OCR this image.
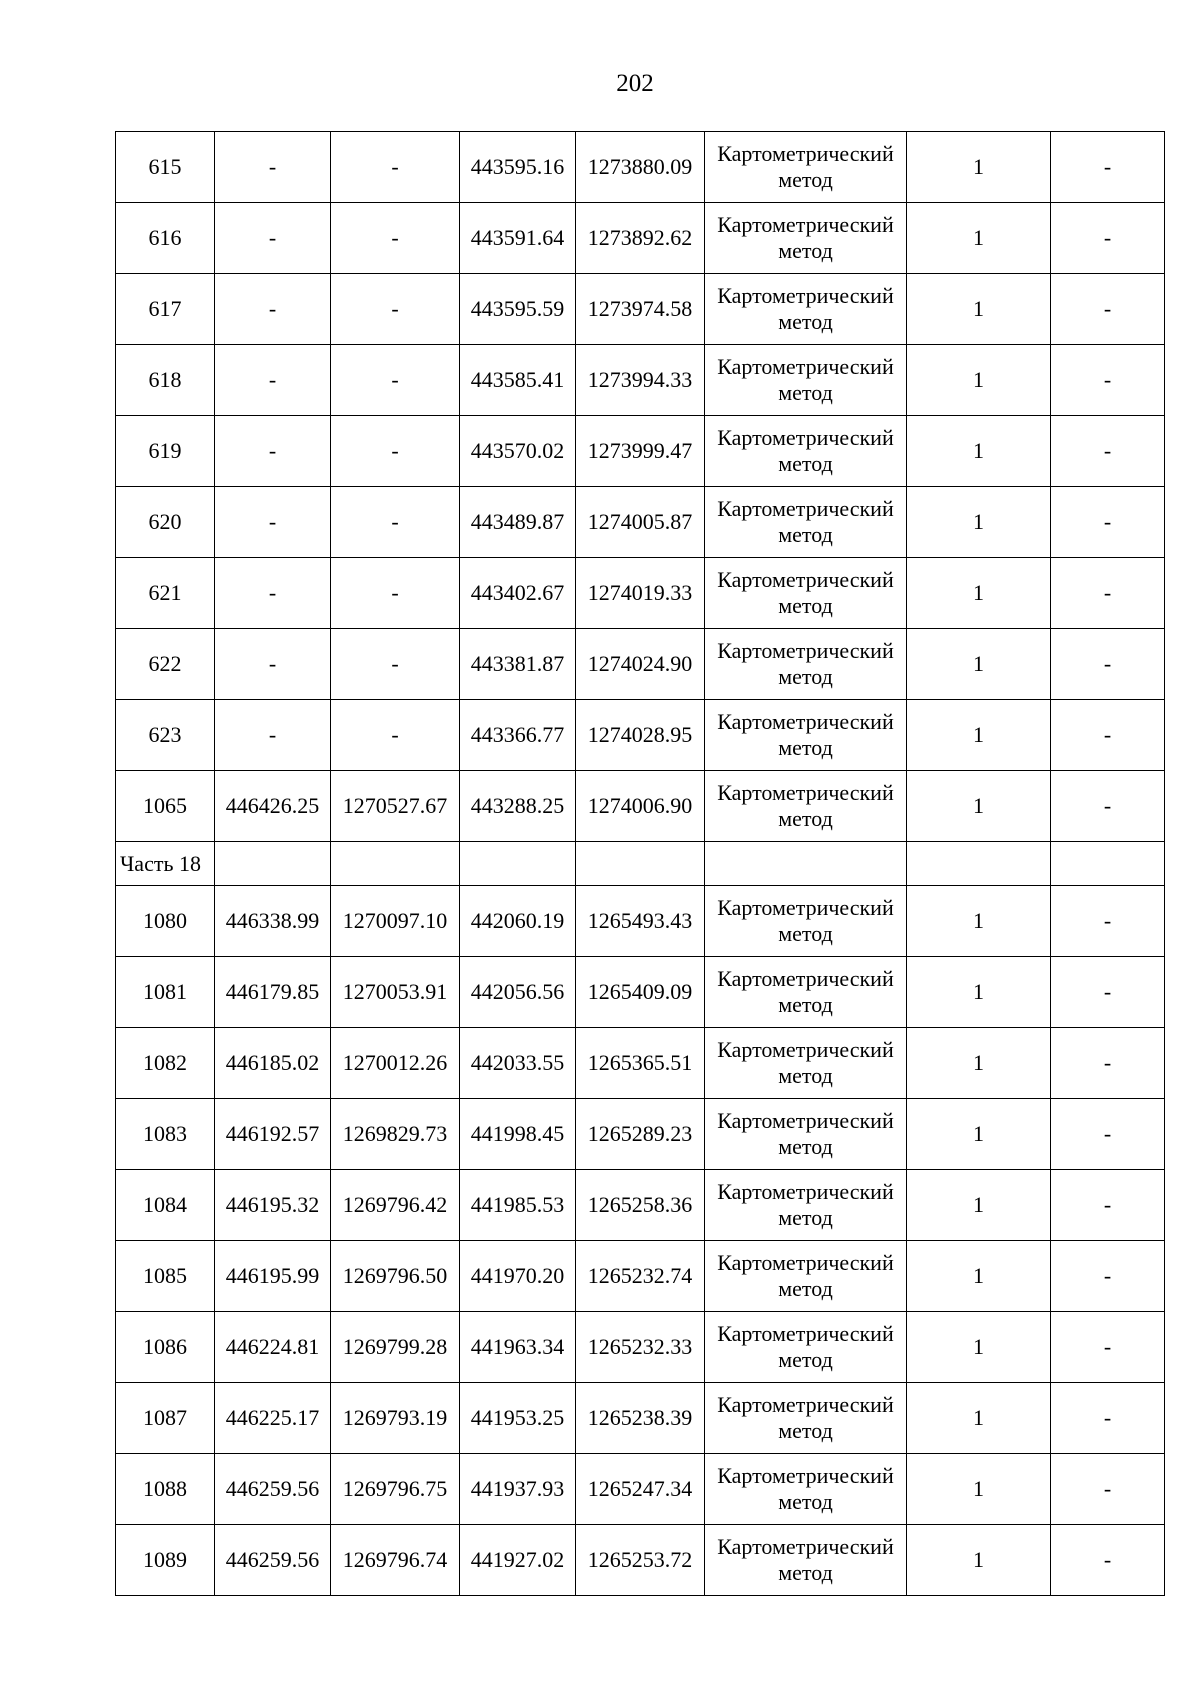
202
615	-	-	443595.16	1273880.09	Картометрический метод	1	-
616	-	-	443591.64	1273892.62	Картометрический метод	1	-
617	-	-	443595.59	1273974.58	Картометрический метод	1	-
618	-	-	443585.41	1273994.33	Картометрический метод	1	-
619	-	-	443570.02	1273999.47	Картометрический метод	1	-
620	-	-	443489.87	1274005.87	Картометрический метод	1	-
621	-	-	443402.67	1274019.33	Картометрический метод	1	-
622	-	-	443381.87	1274024.90	Картометрический метод	1	-
623	-	-	443366.77	1274028.95	Картометрический метод	1	-
1065	446426.25	1270527.67	443288.25	1274006.90	Картометрический метод	1	-
Часть 18							
1080	446338.99	1270097.10	442060.19	1265493.43	Картометрический метод	1	-
1081	446179.85	1270053.91	442056.56	1265409.09	Картометрический метод	1	-
1082	446185.02	1270012.26	442033.55	1265365.51	Картометрический метод	1	-
1083	446192.57	1269829.73	441998.45	1265289.23	Картометрический метод	1	-
1084	446195.32	1269796.42	441985.53	1265258.36	Картометрический метод	1	-
1085	446195.99	1269796.50	441970.20	1265232.74	Картометрический метод	1	-
1086	446224.81	1269799.28	441963.34	1265232.33	Картометрический метод	1	-
1087	446225.17	1269793.19	441953.25	1265238.39	Картометрический метод	1	-
1088	446259.56	1269796.75	441937.93	1265247.34	Картометрический метод	1	-
1089	446259.56	1269796.74	441927.02	1265253.72	Картометрический метод	1	-
